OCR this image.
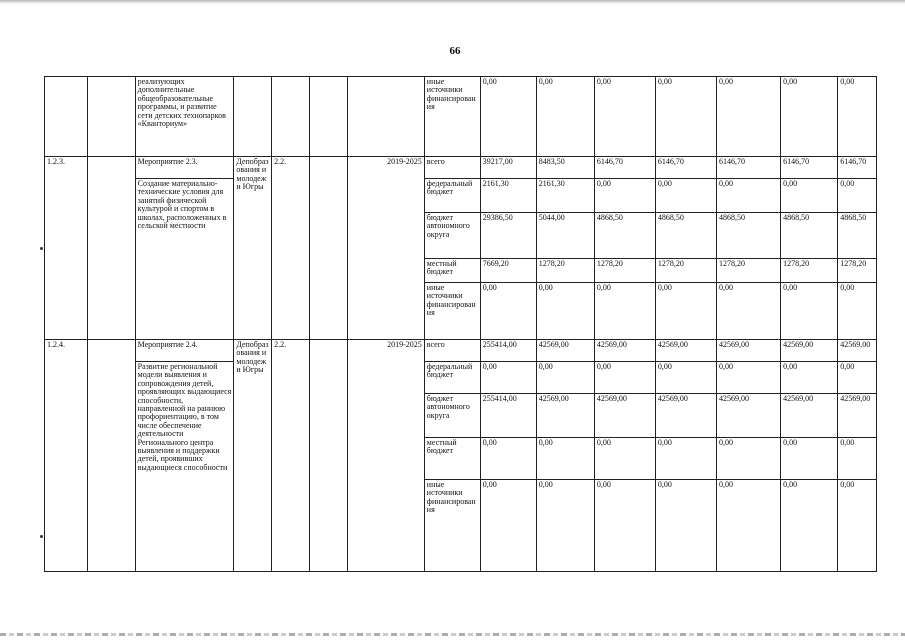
66
		реализующих дополнительные общеобразовательные программы, и развитие сети детских технопарков «Кванториум»					иные источники финансирования	0,00	0,00	0,00	0,00	0,00	0,00	0,00
1.2.3.		Мероприятие 2.3.	Депобразования и молодежи Югры	2.2.		2019-2025	всего	39217,00	8483,50	6146,70	6146,70	6146,70	6146,70	6146,70
		Создание материально-технические условия для занятий физической культурой и спортом в школах, расположенных в сельской местности					федеральный бюджет	2161,30	2161,30	0,00	0,00	0,00	0,00	0,00
							бюджет автономного округа	29386,50	5044,00	4868,50	4868,50	4868,50	4868,50	4868,50
							местный бюджет	7669,20	1278,20	1278,20	1278,20	1278,20	1278,20	1278,20
							иные источники финансирования	0,00	0,00	0,00	0,00	0,00	0,00	0,00
1.2.4.		Мероприятие 2.4.	Депобразования и молодежи Югры	2.2.		2019-2025	всего	255414,00	42569,00	42569,00	42569,00	42569,00	42569,00	42569,00
		Развитие региональной модели выявления и сопровождения детей, проявляющих выдающиеся способности, направленной на раннюю профориентацию, в том числе обеспечение деятельности Регионального центра выявления и поддержки детей, проявивших выдающиеся способности					федеральный бюджет	0,00	0,00	0,00	0,00	0,00	0,00	0,00
							бюджет автономного округа	255414,00	42569,00	42569,00	42569,00	42569,00	42569,00	42569,00
							местный бюджет	0,00	0,00	0,00	0,00	0,00	0,00	0,00
							иные источники финансирования	0,00	0,00	0,00	0,00	0,00	0,00	0,00
